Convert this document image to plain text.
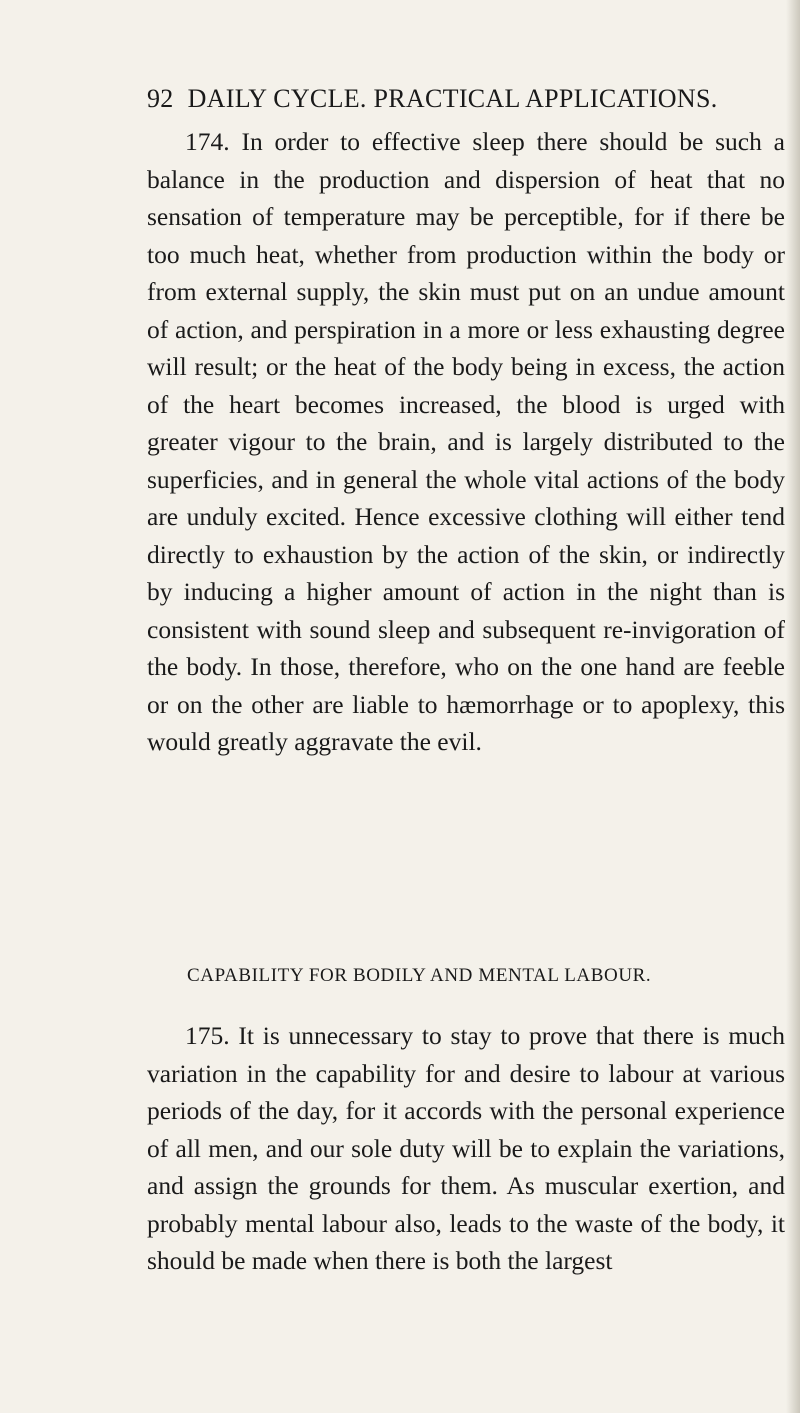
92 DAILY CYCLE. PRACTICAL APPLICATIONS.

174. In order to effective sleep there should be such a balance in the production and dispersion of heat that no sensation of temperature may be perceptible, for if there be too much heat, whether from production within the body or from external supply, the skin must put on an undue amount of action, and perspiration in a more or less exhausting degree will result; or the heat of the body being in excess, the action of the heart becomes increased, the blood is urged with greater vigour to the brain, and is largely distributed to the superficies, and in general the whole vital actions of the body are unduly excited. Hence excessive clothing will either tend directly to exhaustion by the action of the skin, or indirectly by inducing a higher amount of action in the night than is consistent with sound sleep and subsequent re-invigoration of the body. In those, therefore, who on the one hand are feeble or on the other are liable to hæmorrhage or to apoplexy, this would greatly aggravate the evil.

CAPABILITY FOR BODILY AND MENTAL LABOUR.

175. It is unnecessary to stay to prove that there is much variation in the capability for and desire to labour at various periods of the day, for it accords with the personal experience of all men, and our sole duty will be to explain the variations, and assign the grounds for them. As muscular exertion, and probably mental labour also, leads to the waste of the body, it should be made when there is both the largest
